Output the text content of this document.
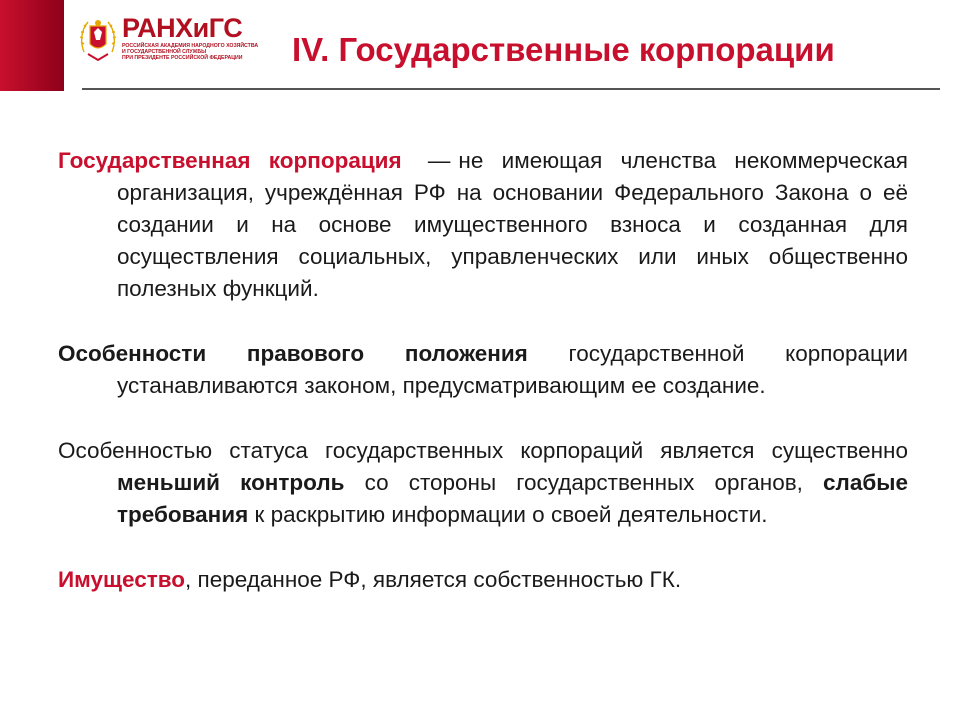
РАНХиГС
РОССИЙСКАЯ АКАДЕМИЯ НАРОДНОГО ХОЗЯЙСТВА
И ГОСУДАРСТВЕННОЙ СЛУЖБЫ
ПРИ ПРЕЗИДЕНТЕ РОССИЙСКОЙ ФЕДЕРАЦИИ IV. Государственные корпорации

Государственная корпорация — не имеющая членства некоммерческая организация, учреждённая РФ на основании Федерального Закона о её создании и на основе имущественного взноса и созданная для осуществления социальных, управленческих или иных общественно полезных функций.

Особенности правового положения государственной корпорации устанавливаются законом, предусматривающим ее создание.

Особенностью статуса государственных корпораций является существенно меньший контроль со стороны государственных органов, слабые требования к раскрытию информации о своей деятельности.

Имущество, переданное РФ, является собственностью ГК.
